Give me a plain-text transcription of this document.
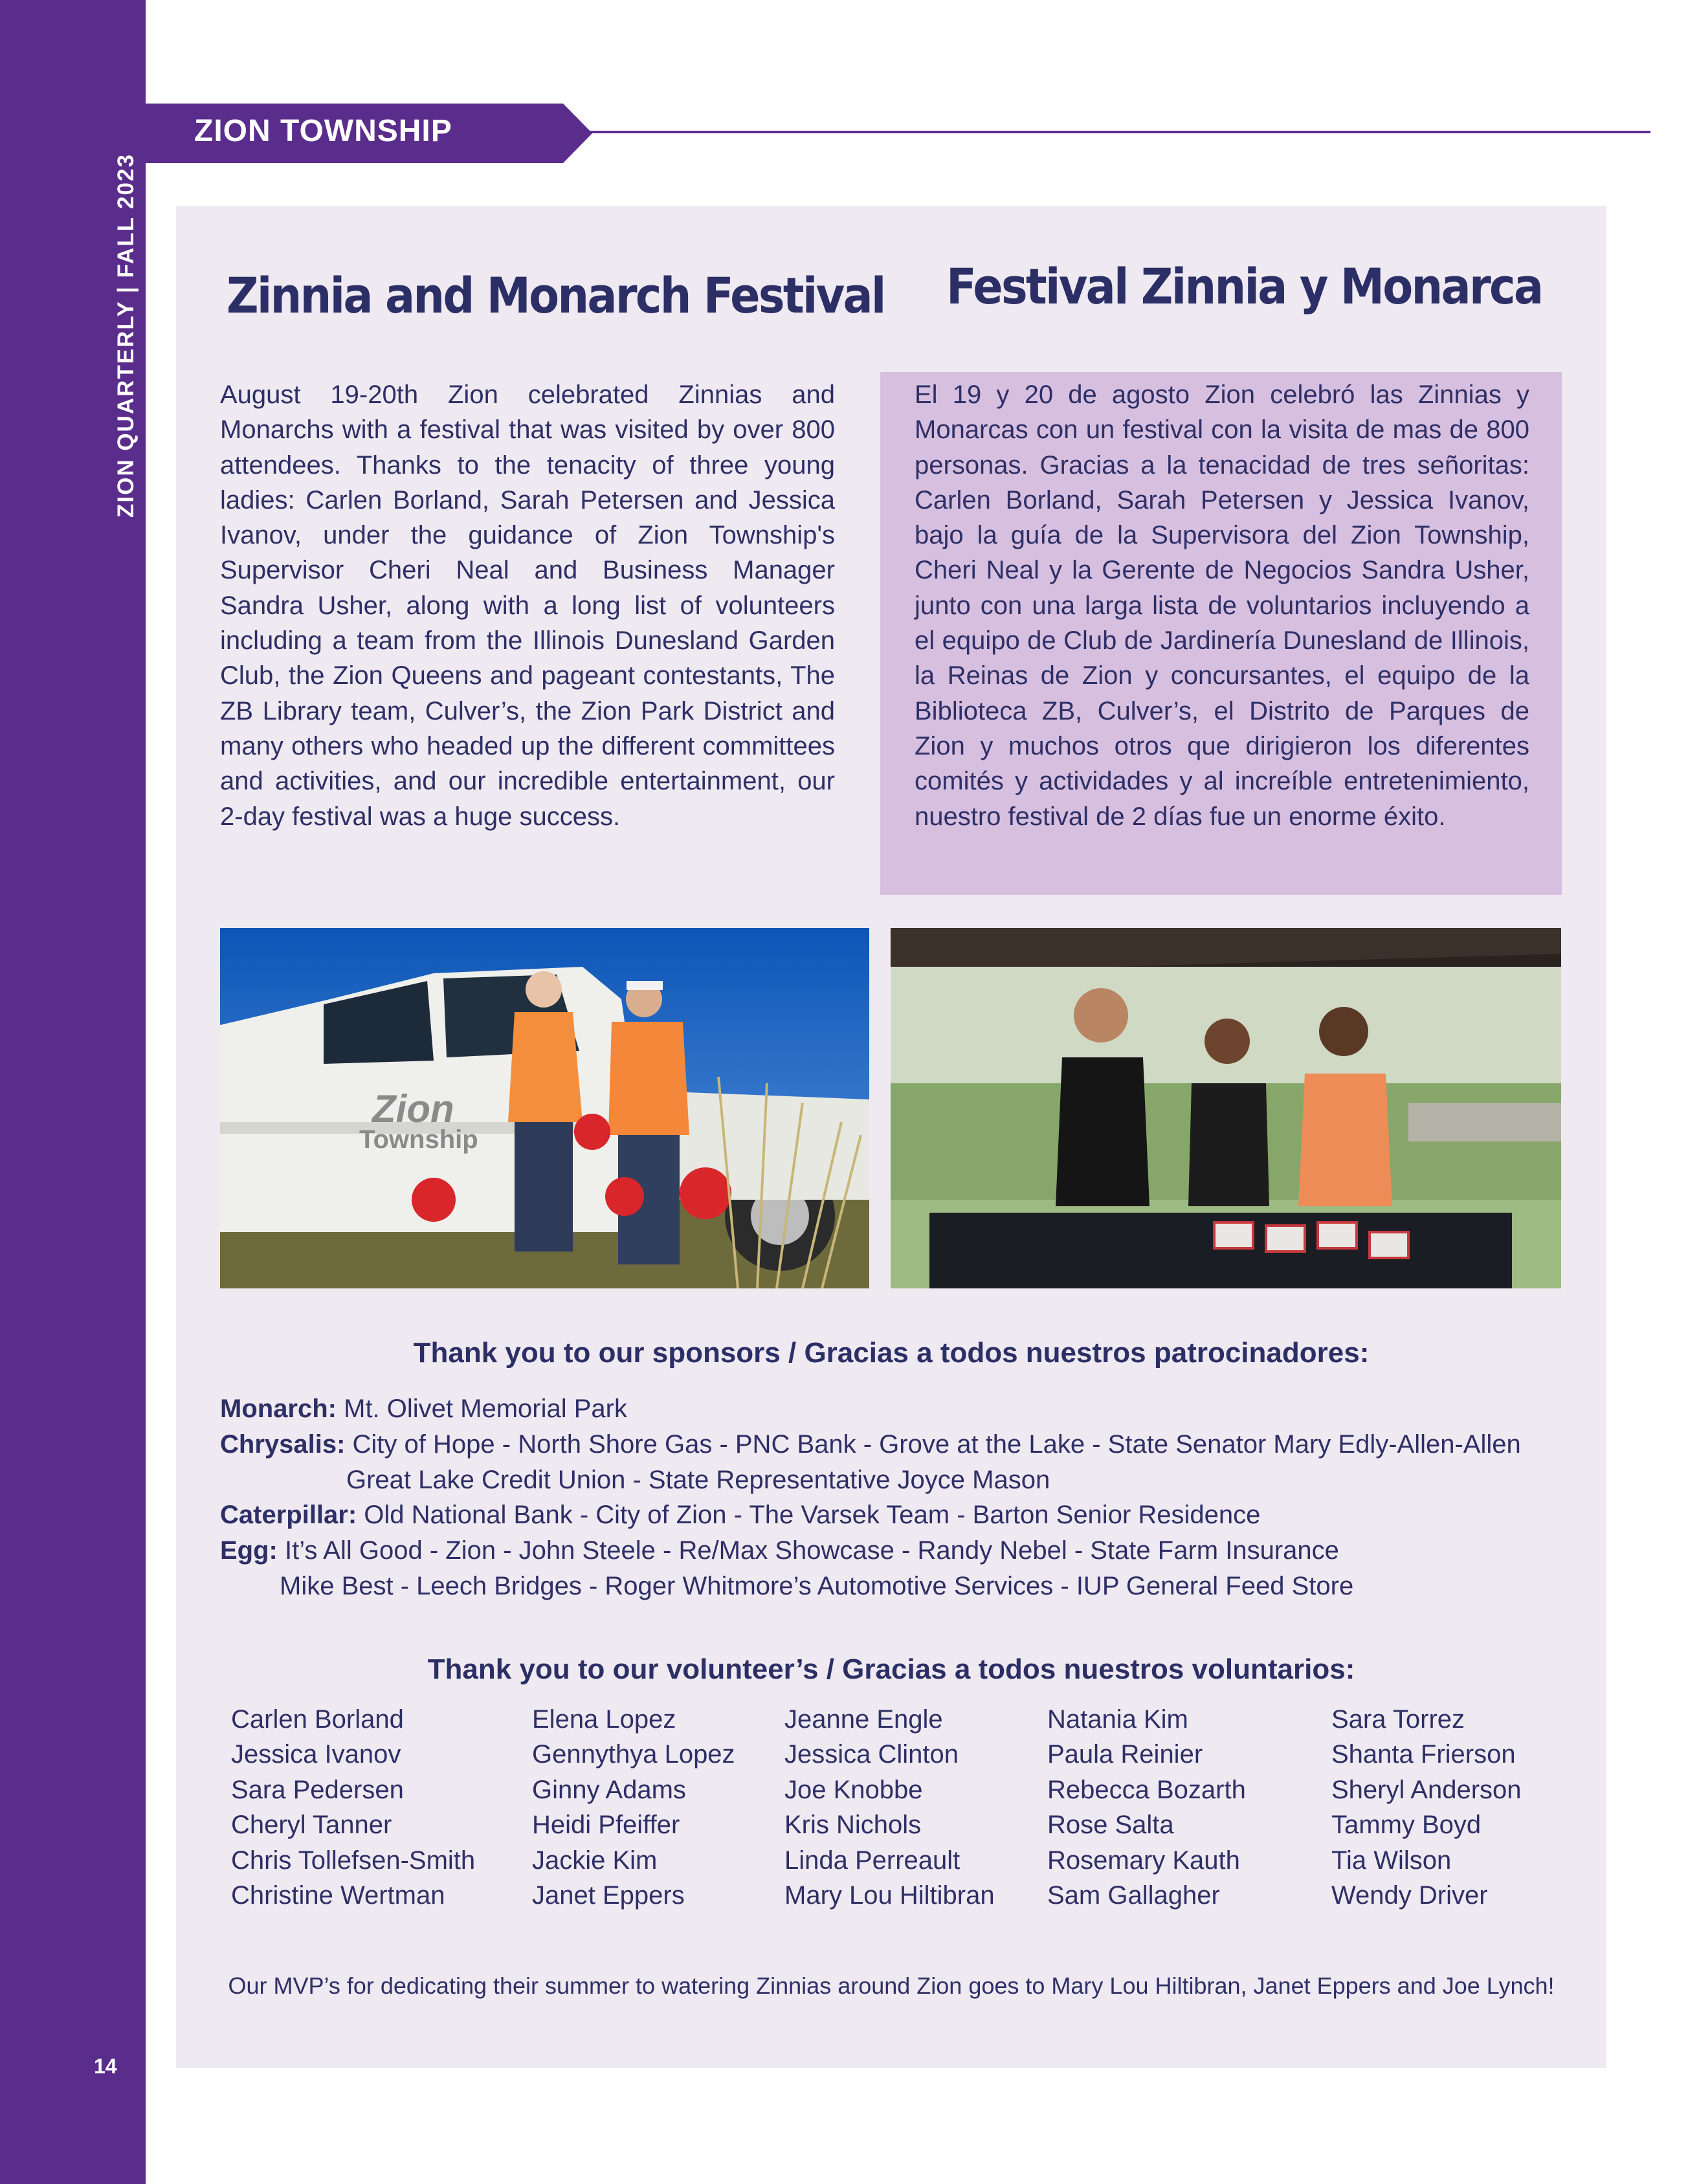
ZION QUARTERLY | FALL 2023
14
ZION TOWNSHIP
Zinnia and Monarch Festival Festival Zinnia y Monarca
August 19-20th Zion celebrated Zinnias and Monarchs with a festival that was visited by over 800 attendees. Thanks to the tenacity of three young ladies: Carlen Borland, Sarah Petersen and Jessica Ivanov, under the guidance of Zion Township's Supervisor Cheri Neal and Business Manager Sandra Usher, along with a long list of volunteers including a team from the Illinois Dunesland Garden Club, the Zion Queens and pageant contestants, The ZB Library team, Culver’s, the Zion Park District and many others who headed up the different committees and activities, and our incredible entertainment, our 2-day festival was a huge success.
El 19 y 20 de agosto Zion celebró las Zinnias y Monarcas con un festival con la visita de mas de 800 personas. Gracias a la tenacidad de tres señoritas: Carlen Borland, Sarah Petersen y Jessica Ivanov, bajo la guía de la Supervisora del Zion Township, Cheri Neal y la Gerente de Negocios Sandra Usher, junto con una larga lista de voluntarios incluyendo a el equipo de Club de Jardinería Dunesland de Illinois, la Reinas de Zion y concursantes, el equipo de la Biblioteca ZB, Culver’s, el Distrito de Parques de Zion y muchos otros que dirigieron los diferentes comités y actividades y al increíble entretenimiento, nuestro festival de 2 días fue un enorme éxito.
Zion
Township
Thank you to our sponsors / Gracias a todos nuestros patrocinadores:
Monarch: Mt. Olivet Memorial Park
Chrysalis: City of Hope - North Shore Gas - PNC Bank - Grove at the Lake - State Senator Mary Edly-Allen-Allen
Great Lake Credit Union - State Representative Joyce Mason
Caterpillar: Old National Bank - City of Zion - The Varsek Team - Barton Senior Residence
Egg: It’s All Good - Zion - John Steele - Re/Max Showcase - Randy Nebel - State Farm Insurance
Mike Best - Leech Bridges - Roger Whitmore’s Automotive Services - IUP General Feed Store
Thank you to our volunteer’s / Gracias a todos nuestros voluntarios:
Carlen Borland
Jessica Ivanov
Sara Pedersen
Cheryl Tanner
Chris Tollefsen-Smith
Christine Wertman
Elena Lopez
Gennythya Lopez
Ginny Adams
Heidi Pfeiffer
Jackie Kim
Janet Eppers
Jeanne Engle
Jessica Clinton
Joe Knobbe
Kris Nichols
Linda Perreault
Mary Lou Hiltibran
Natania Kim
Paula Reinier
Rebecca Bozarth
Rose Salta
Rosemary Kauth
Sam Gallagher
Sara Torrez
Shanta Frierson
Sheryl Anderson
Tammy Boyd
Tia Wilson
Wendy Driver
Our MVP’s for dedicating their summer to watering Zinnias around Zion goes to Mary Lou Hiltibran, Janet Eppers and Joe Lynch!
